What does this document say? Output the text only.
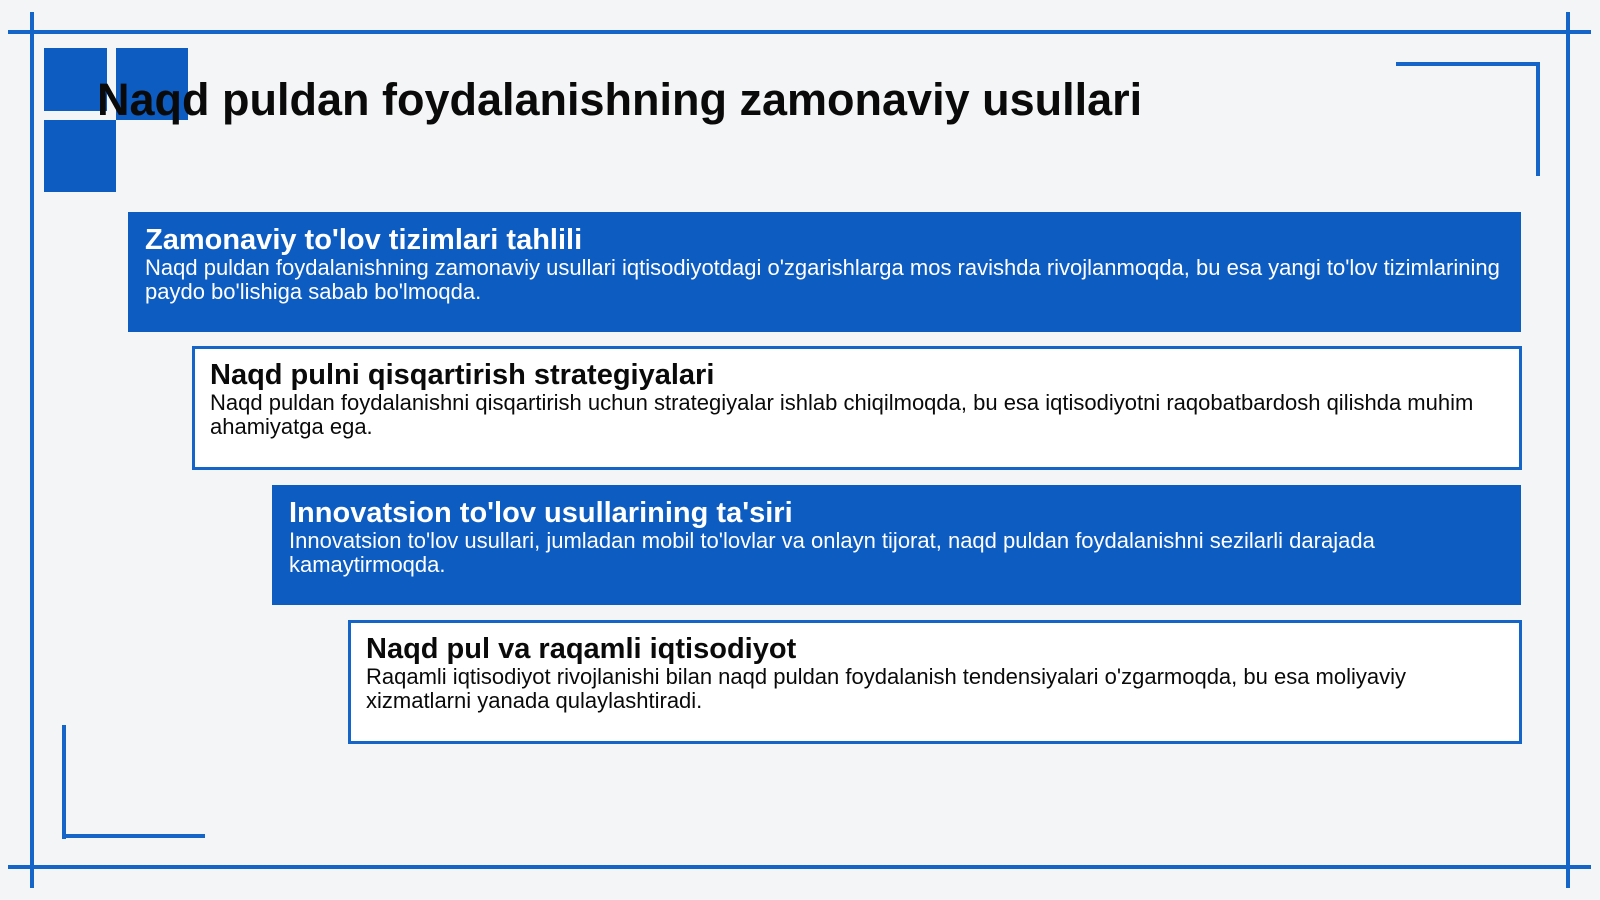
Naqd puldan foydalanishning zamonaviy usullari
Zamonaviy to'lov tizimlari tahlili

Naqd puldan foydalanishning zamonaviy usullari iqtisodiyotdagi o'zgarishlarga mos ravishda rivojlanmoqda, bu esa yangi to'lov tizimlarining paydo bo'lishiga sabab bo'lmoqda.

Naqd pulni qisqartirish strategiyalari

Naqd puldan foydalanishni qisqartirish uchun strategiyalar ishlab chiqilmoqda, bu esa iqtisodiyotni raqobatbardosh qilishda muhim ahamiyatga ega.

Innovatsion to'lov usullarining ta'siri

Innovatsion to'lov usullari, jumladan mobil to'lovlar va onlayn tijorat, naqd puldan foydalanishni sezilarli darajada kamaytirmoqda.

Naqd pul va raqamli iqtisodiyot

Raqamli iqtisodiyot rivojlanishi bilan naqd puldan foydalanish tendensiyalari o'zgarmoqda, bu esa moliyaviy xizmatlarni yanada qulaylashtiradi.
